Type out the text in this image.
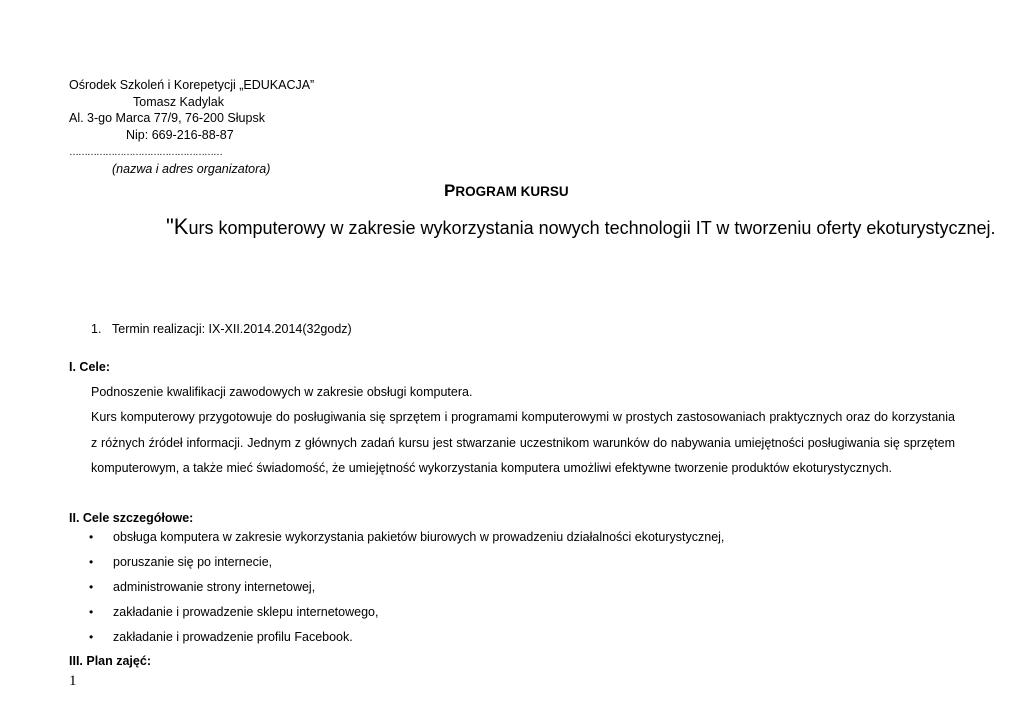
Ośrodek Szkoleń i Korepetycji „EDUKACJA”
Tomasz Kadylak
Al. 3-go Marca 77/9, 76-200 Słupsk
Nip: 669-216-88-87
……………………………………………
(nazwa i adres organizatora)
PROGRAM KURSU
"Kurs komputerowy w zakresie wykorzystania nowych technologii IT w tworzeniu oferty ekoturystycznej.
1. Termin realizacji: IX-XII.2014.2014(32godz)
I. Cele:
Podnoszenie kwalifikacji zawodowych w zakresie obsługi komputera.
Kurs komputerowy przygotowuje do posługiwania się sprzętem i programami komputerowymi w prostych zastosowaniach praktycznych oraz do korzystania z różnych źródeł informacji. Jednym z głównych zadań kursu jest stwarzanie uczestnikom warunków do nabywania umiejętności posługiwania się sprzętem komputerowym, a także mieć świadomość, że umiejętność wykorzystania komputera umożliwi efektywne tworzenie produktów ekoturystycznych.
II. Cele szczegółowe:
•	obsługa komputera w zakresie wykorzystania pakietów biurowych w prowadzeniu działalności ekoturystycznej,
•	poruszanie się po internecie,
•	administrowanie strony internetowej,
•	zakładanie i prowadzenie sklepu internetowego,
•	zakładanie i prowadzenie profilu Facebook.
III. Plan zajęć:
1
